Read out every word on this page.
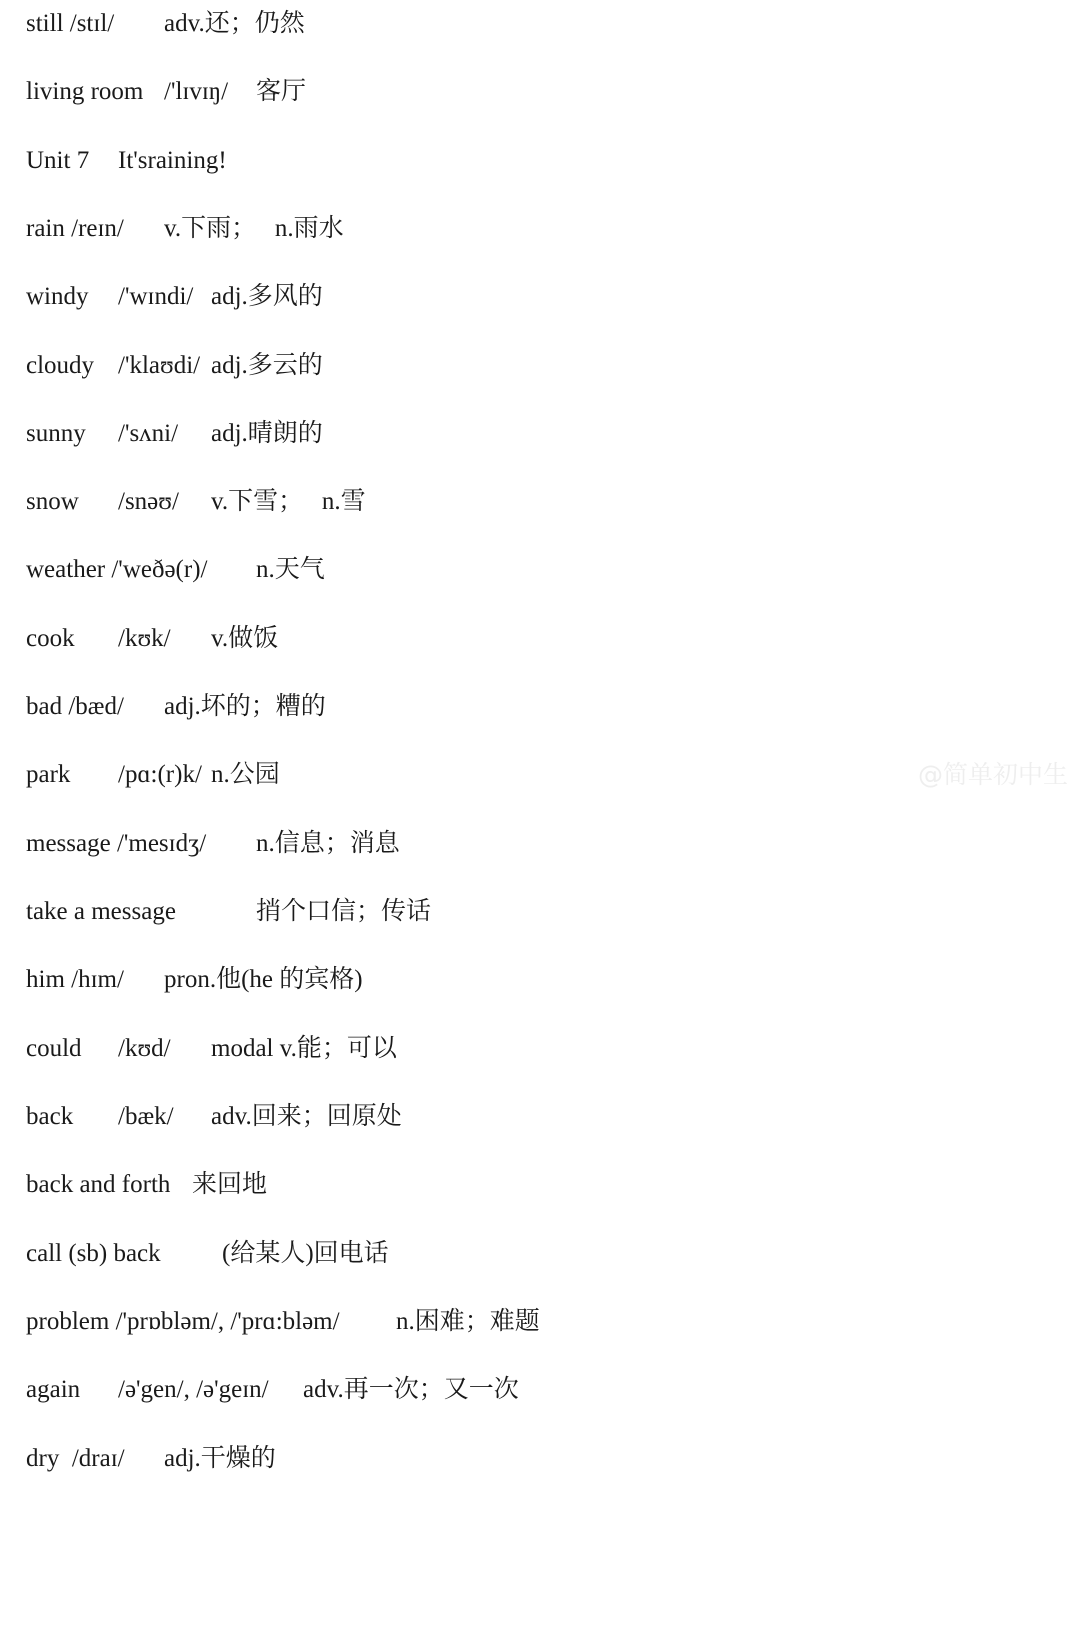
still /stɪl/

adv.还；仍然

living room

/'lɪvɪŋ/

客厅

Unit 7

It'sraining!

rain /reɪn/

v.下雨；   n.雨水

windy

/'wɪndi/

adj.多风的

cloudy

/'klaʊdi/

adj.多云的

sunny

/'sʌni/

adj.晴朗的

snow

/snəʊ/

v.下雪；   n.雪

weather /'weðə(r)/

n.天气

cook

/kʊk/

v.做饭

bad /bæd/

adj.坏的；糟的

park

/pɑ:(r)k/

n.公园

message /'mesɪdʒ/

n.信息；消息

take a message

	捎个口信；传话

him /hɪm/

pron.他(he 的宾格)

could

/kʊd/

modal v.能；可以

back

/bæk/

adv.回来；回原处

back and forth

来回地

call (sb) back

(给某人)回电话

problem /'prɒbləm/, /'prɑ:bləm/

n.困难；难题

again

/ə'gen/, /ə'geɪn/

adv.再一次；又一次

dry  /draɪ/

adj.干燥的

@简单初中生
